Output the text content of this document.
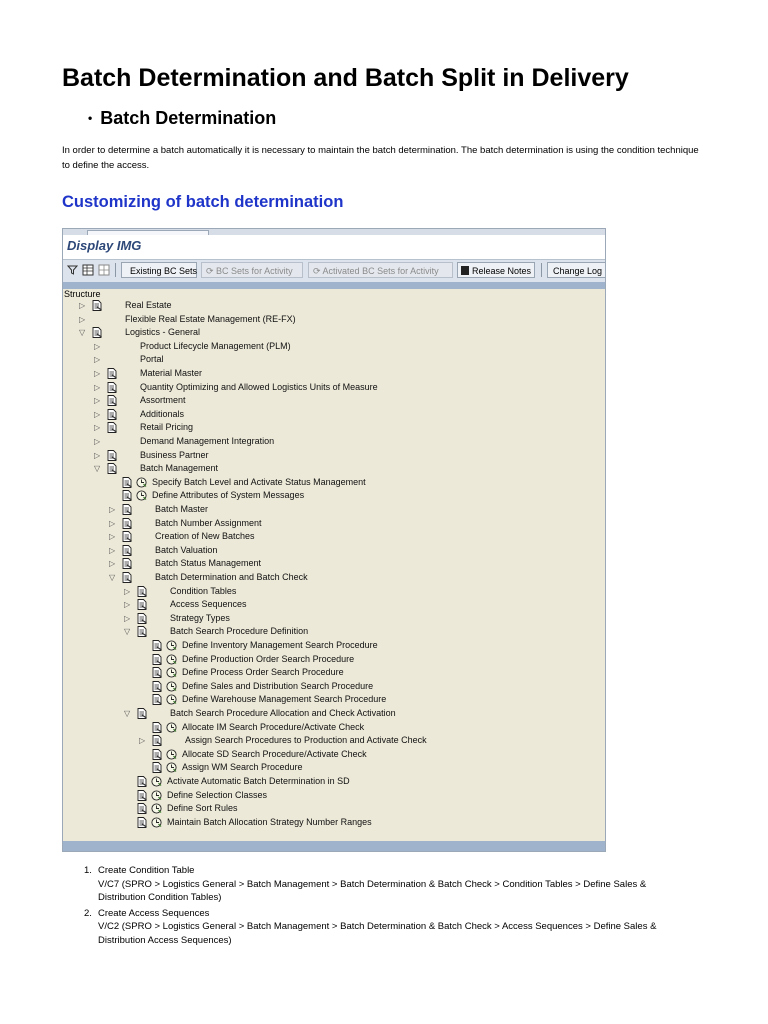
Batch Determination and Batch Split in Delivery
• Batch Determination
In order to determine a batch automatically it is necessary to maintain the batch determination. The batch determination is using the condition technique to define the access.
Customizing of batch determination
Display IMG
Existing BC Sets ⟳ BC Sets for Activity	⟳ Activated BC Sets for Activity	Release Notes	Change Log
Structure
▷	Real Estate
▷	Flexible Real Estate Management (RE-FX)
▽	Logistics - General
▷	Product Lifecycle Management (PLM)
▷	Portal
▷	Material Master
▷	Quantity Optimizing and Allowed Logistics Units of Measure
▷	Assortment
▷	Additionals
▷	Retail Pricing
▷	Demand Management Integration
▷	Business Partner
▽	Batch Management
Specify Batch Level and Activate Status Management
Define Attributes of System Messages
▷	Batch Master
▷	Batch Number Assignment
▷	Creation of New Batches
▷	Batch Valuation
▷	Batch Status Management
▽	Batch Determination and Batch Check
▷	Condition Tables
▷	Access Sequences
▷	Strategy Types
▽	Batch Search Procedure Definition
Define Inventory Management Search Procedure
Define Production Order Search Procedure
Define Process Order Search Procedure
Define Sales and Distribution Search Procedure
Define Warehouse Management Search Procedure
▽	Batch Search Procedure Allocation and Check Activation
Allocate IM Search Procedure/Activate Check
▷	Assign Search Procedures to Production and Activate Check
Allocate SD Search Procedure/Activate Check
Assign WM Search Procedure
Activate Automatic Batch Determination in SD
Define Selection Classes
Define Sort Rules
Maintain Batch Allocation Strategy Number Ranges
1. Create Condition Table
V/C7 (SPRO > Logistics General > Batch Management > Batch Determination & Batch Check > Condition Tables > Define Sales & Distribution Condition Tables)
2. Create Access Sequences
V/C2 (SPRO > Logistics General > Batch Management > Batch Determination & Batch Check > Access Sequences > Define Sales & Distribution Access Sequences)
